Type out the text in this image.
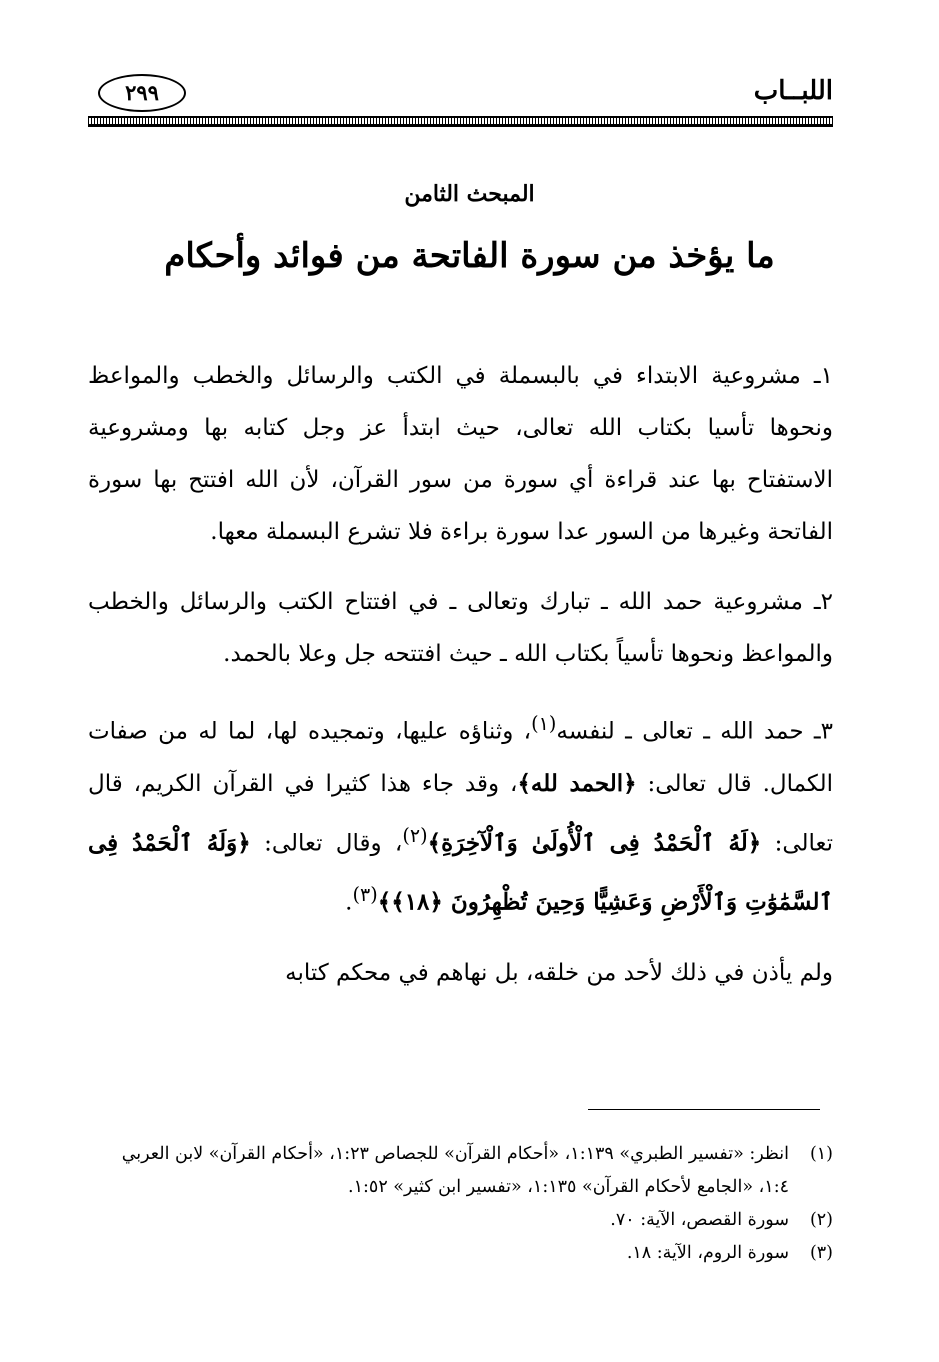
اللبــاب
٢٩٩
المبحث الثامن
ما يؤخذ من سورة الفاتحة من فوائد وأحكام

١ـ مشروعية الابتداء في بالبسملة في الكتب والرسائل والخطب والمواعظ ونحوها تأسيا بكتاب الله تعالى، حيث ابتدأ عز وجل كتابه بها ومشروعية الاستفتاح بها عند قراءة أي سورة من سور القرآن، لأن الله افتتح بها سورة الفاتحة وغيرها من السور عدا سورة براءة فلا تشرع البسملة معها.

٢ـ مشروعية حمد الله ـ تبارك وتعالى ـ في افتتاح الكتب والرسائل والخطب والمواعظ ونحوها تأسياً بكتاب الله ـ حيث افتتحه جل وعلا بالحمد.

٣ـ حمد الله ـ تعالى ـ لنفسه$^{(١)}$، وثناؤه عليها، وتمجيده لها، لما له من صفات الكمال. قال تعالى: ﴿الحمد لله﴾، وقد جاء هذا كثيرا في القرآن الكريم، قال تعالى: ﴿لَهُ ٱلْحَمْدُ فِى ٱلْأُولَىٰ وَٱلْآخِرَةِ﴾$^{(٢)}$، وقال تعالى: ﴿وَلَهُ ٱلْحَمْدُ فِى ٱلسَّمَٰوَٰتِ وَٱلْأَرْضِ وَعَشِيًّا وَحِينَ تُظْهِرُونَ ﴿١٨﴾﴾$^{(٣)}$.

ولم يأذن في ذلك لأحد من خلقه، بل نهاهم في محكم كتابه

(١)
انظر: «تفسير الطبري» ١:١٣٩، «أحكام القرآن» للجصاص ١:٢٣، «أحكام القرآن» لابن العربي ١:٤، «الجامع لأحكام القرآن» ١:١٣٥، «تفسير ابن كثير» ١:٥٢.
(٢)
سورة القصص، الآية: ٧٠.
(٣)
سورة الروم، الآية: ١٨.
